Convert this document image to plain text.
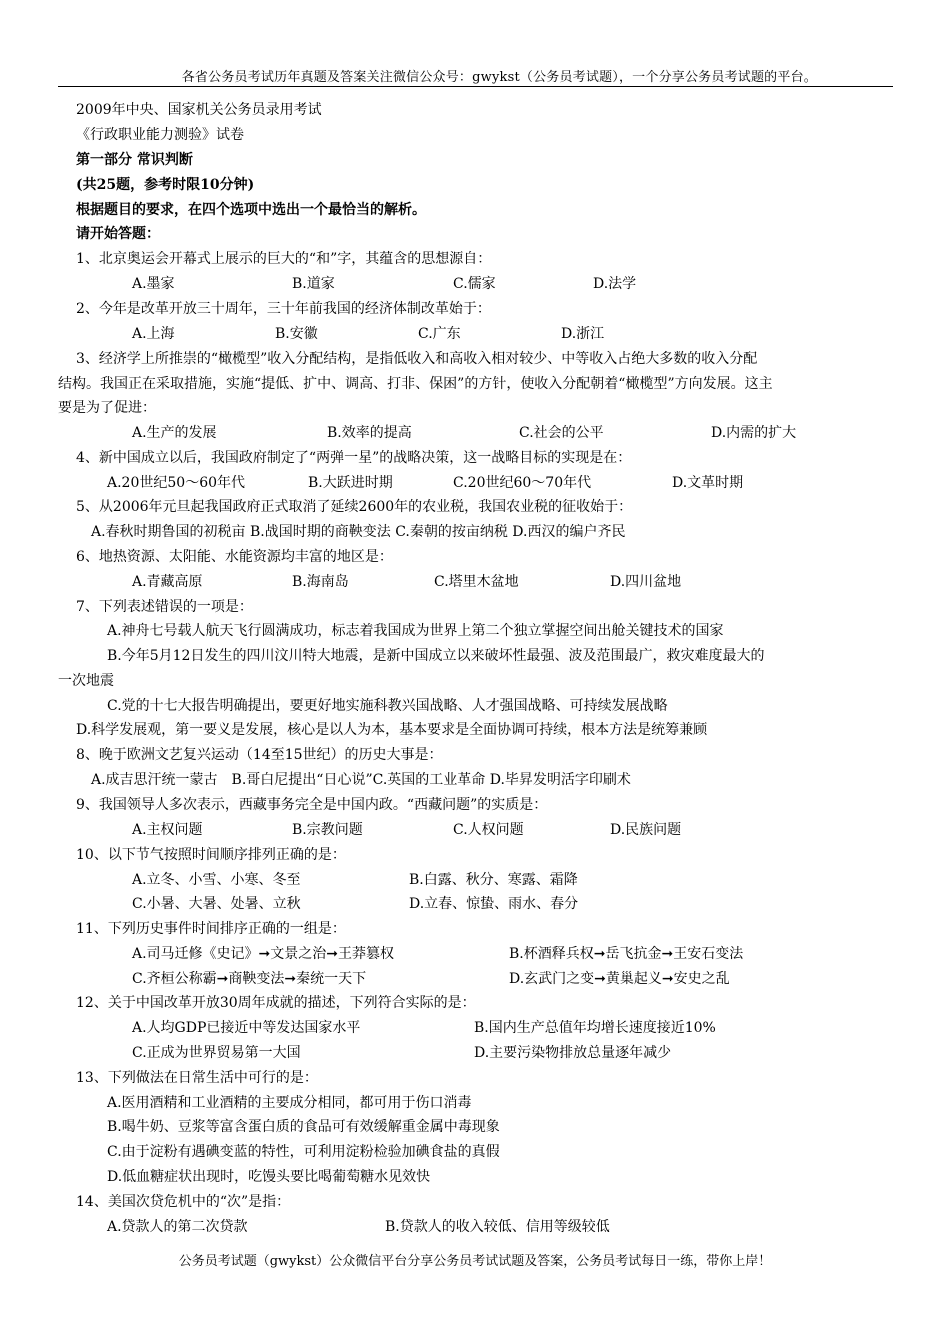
各省公务员考试历年真题及答案关注微信公众号：gwykst（公务员考试题），一个分享公务员考试题的平台。
2009年中央、国家机关公务员录用考试
《行政职业能力测验》试卷
第一部分 常识判断
(共25题，参考时限10分钟)
根据题目的要求，在四个选项中选出一个最恰当的解析。
请开始答题：
1、北京奥运会开幕式上展示的巨大的“和”字，其蕴含的思想源自：
A.墨家	B.道家	C.儒家	D.法学
2、今年是改革开放三十周年，三十年前我国的经济体制改革始于：
A.上海	B.安徽	C.广东	D.浙江
3、经济学上所推崇的“橄榄型”收入分配结构，是指低收入和高收入相对较少、中等收入占绝大多数的收入分配
结构。我国正在采取措施，实施“提低、扩中、调高、打非、保困”的方针，使收入分配朝着“橄榄型”方向发展。这主
要是为了促进：
A.生产的发展	B.效率的提高	C.社会的公平	D.内需的扩大
4、新中国成立以后，我国政府制定了“两弹一星”的战略决策，这一战略目标的实现是在：
A.20世纪50～60年代	B.大跃进时期	C.20世纪60～70年代	D.文革时期
5、从2006年元旦起我国政府正式取消了延续2600年的农业税，我国农业税的征收始于：
A.春秋时期鲁国的初税亩 B.战国时期的商鞅变法 C.秦朝的按亩纳税 D.西汉的编户齐民
6、地热资源、太阳能、水能资源均丰富的地区是：
A.青藏高原	B.海南岛	C.塔里木盆地	D.四川盆地
7、下列表述错误的一项是：
A.神舟七号载人航天飞行圆满成功，标志着我国成为世界上第二个独立掌握空间出舱关键技术的国家
B.今年5月12日发生的四川汶川特大地震，是新中国成立以来破坏性最强、波及范围最广，救灾难度最大的
一次地震
C.党的十七大报告明确提出，要更好地实施科教兴国战略、人才强国战略、可持续发展战略
D.科学发展观，第一要义是发展，核心是以人为本，基本要求是全面协调可持续，根本方法是统筹兼顾
8、晚于欧洲文艺复兴运动（14至15世纪）的历史大事是：
A.成吉思汗统一蒙古　B.哥白尼提出“日心说”C.英国的工业革命 D.毕昇发明活字印刷术
9、我国领导人多次表示，西藏事务完全是中国内政。“西藏问题”的实质是：
A.主权问题	B.宗教问题	C.人权问题	D.民族问题
10、以下节气按照时间顺序排列正确的是：
A.立冬、小雪、小寒、冬至	B.白露、秋分、寒露、霜降
C.小暑、大暑、处暑、立秋	D.立春、惊蛰、雨水、春分
11、下列历史事件时间排序正确的一组是：
A.司马迁修《史记》➞文景之治➞王莽篡权	B.杯酒释兵权➞岳飞抗金➞王安石变法
C.齐桓公称霸➞商鞅变法➞秦统一天下	D.玄武门之变➞黄巢起义➞安史之乱
12、关于中国改革开放30周年成就的描述，下列符合实际的是：
A.人均GDP已接近中等发达国家水平	B.国内生产总值年均增长速度接近10%
C.正成为世界贸易第一大国	D.主要污染物排放总量逐年减少
13、下列做法在日常生活中可行的是：
A.医用酒精和工业酒精的主要成分相同，都可用于伤口消毒
B.喝牛奶、豆浆等富含蛋白质的食品可有效缓解重金属中毒现象
C.由于淀粉有遇碘变蓝的特性，可利用淀粉检验加碘食盐的真假
D.低血糖症状出现时，吃馒头要比喝葡萄糖水见效快
14、美国次贷危机中的“次”是指：
A.贷款人的第二次贷款	B.贷款人的收入较低、信用等级较低
公务员考试题（gwykst）公众微信平台分享公务员考试试题及答案，公务员考试每日一练，带你上岸！
